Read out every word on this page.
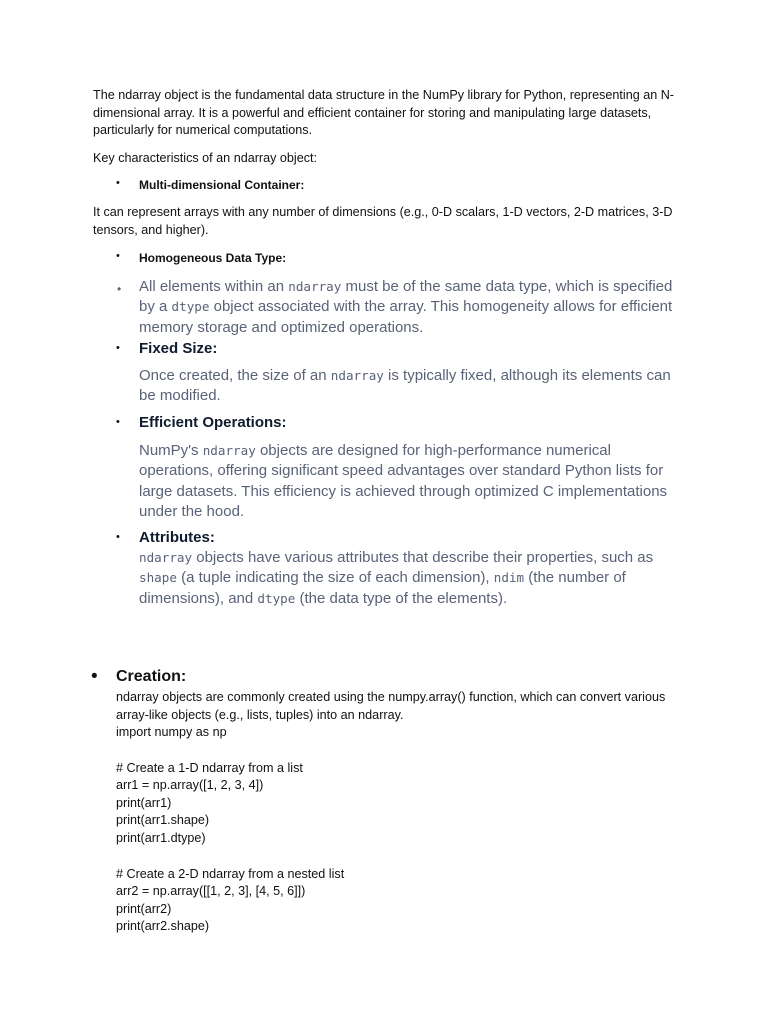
The ndarray object is the fundamental data structure in the NumPy library for Python, representing an N-dimensional array. It is a powerful and efficient container for storing and manipulating large datasets, particularly for numerical computations.

Key characteristics of an ndarray object:

• Multi-dimensional Container:

It can represent arrays with any number of dimensions (e.g., 0-D scalars, 1-D vectors, 2-D matrices, 3-D tensors, and higher).

• Homogeneous Data Type:
• All elements within an ndarray must be of the same data type, which is specified by a dtype object associated with the array. This homogeneity allows for efficient memory storage and optimized operations.

• Fixed Size:

Once created, the size of an ndarray is typically fixed, although its elements can be modified.

• Efficient Operations:

NumPy's ndarray objects are designed for high-performance numerical operations, offering significant speed advantages over standard Python lists for large datasets. This efficiency is achieved through optimized C implementations under the hood.

• Attributes:

ndarray objects have various attributes that describe their properties, such as shape (a tuple indicating the size of each dimension), ndim (the number of dimensions), and dtype (the data type of the elements).

• Creation:

ndarray objects are commonly created using the numpy.array() function, which can convert various array-like objects (e.g., lists, tuples) into an ndarray.

import numpy as np
# Create a 1-D ndarray from a list
arr1 = np.array([1, 2, 3, 4])
print(arr1)
print(arr1.shape)
print(arr1.dtype)
# Create a 2-D ndarray from a nested list
arr2 = np.array([[1, 2, 3], [4, 5, 6]])
print(arr2)
print(arr2.shape)
